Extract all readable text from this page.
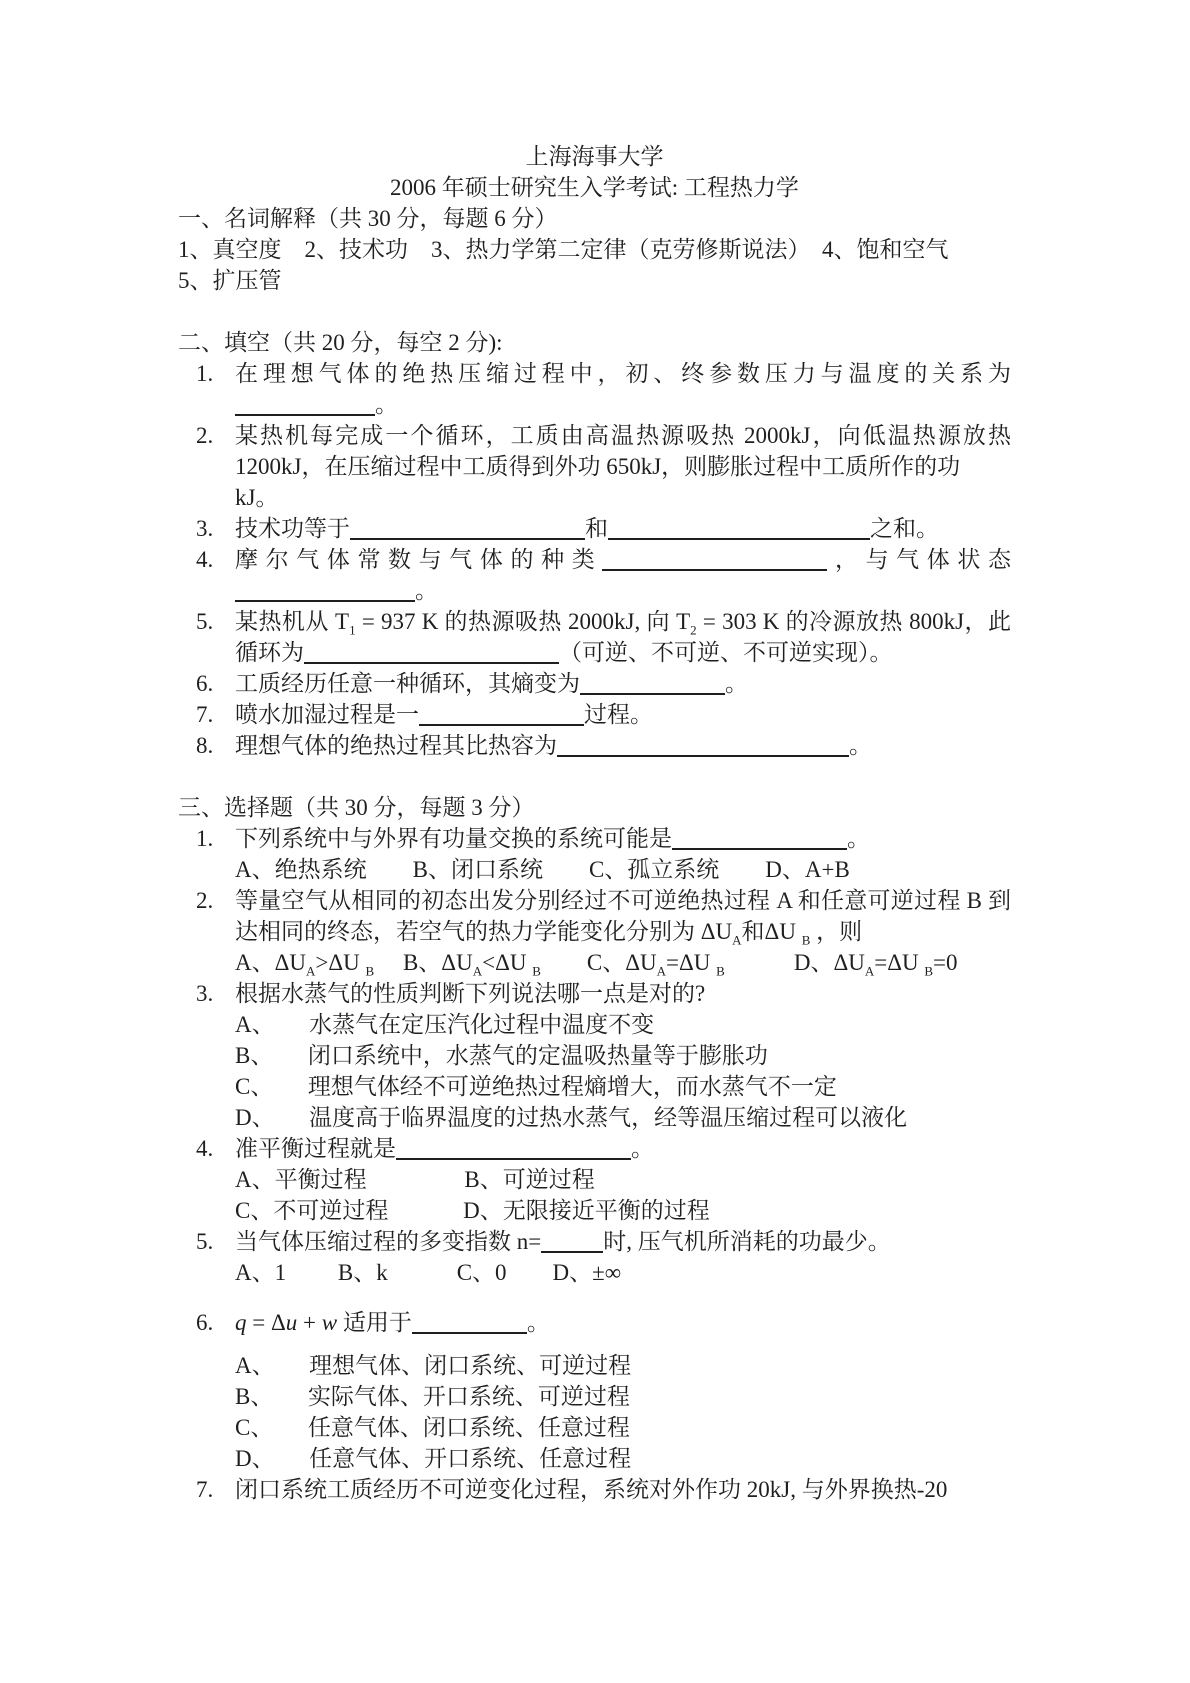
上海海事大学
2006 年硕士研究生入学考试: 工程热力学
一、名词解释（共 30 分，每题 6 分）
1、真空度　2、技术功　3、热力学第二定律（克劳修斯说法）　4、饱和空气
5、扩压管
二、填空（共 20 分，每空 2 分):
1. 在理想气体的绝热压缩过程中，初、终参数压力与温度的关系为。
2. 某热机每完成一个循环，工质由高温热源吸热 2000kJ，向低温热源放热 1200kJ，在压缩过程中工质得到外功 650kJ，则膨胀过程中工质所作的功
kJ。
3. 技术功等于	和	之和。
4. 摩尔气体常数与气体的种类	，与气体状态。
5. 某热机从 $T_1 = 937$ K 的热源吸热 2000kJ, 向 $T_2 = 303$ K 的冷源放热 800kJ，此循环为	（可逆、不可逆、不可逆实现）。
6. 工质经历任意一种循环，其熵变为	。
7. 喷水加湿过程是一	过程。
8. 理想气体的绝热过程其比热容为	。
三、选择题（共 30 分，每题 3 分）
1. 下列系统中与外界有功量交换的系统可能是	。
A、绝热系统　　B、闭口系统　　C、孤立系统　　D、A+B
2. 等量空气从相同的初态出发分别经过不可逆绝热过程 A 和任意可逆过程 B 到达相同的终态，若空气的热力学能变化分别为 $\Delta U_A$和ΔU $_B$ ，则
A、$\Delta U_A>\Delta U$ $_B$　 B、$\Delta U_A<\Delta U$ $_B$　　C、$\Delta U_A=\Delta U$ $_B$　　　D、$\Delta U_A=\Delta U$ $_B$=0
3. 根据水蒸气的性质判断下列说法哪一点是对的?
A、　　水蒸气在定压汽化过程中温度不变
B、　　闭口系统中，水蒸气的定温吸热量等于膨胀功
C、　　理想气体经不可逆绝热过程熵增大，而水蒸气不一定
D、　　温度高于临界温度的过热水蒸气，经等温压缩过程可以液化
4. 准平衡过程就是	。
A、平衡过程　　　　 B、可逆过程
C、不可逆过程　　　 D、无限接近平衡的过程
5. 当气体压缩过程的多变指数 n=	时, 压气机所消耗的功最少。
A、1　　 B、k　　　C、0　　D、±∞
6. q = Δu + w 适用于	。
A、　　理想气体、闭口系统、可逆过程
B、　　实际气体、开口系统、可逆过程
C、　　任意气体、闭口系统、任意过程
D、　　任意气体、开口系统、任意过程
7. 闭口系统工质经历不可逆变化过程，系统对外作功 20kJ, 与外界换热-20
